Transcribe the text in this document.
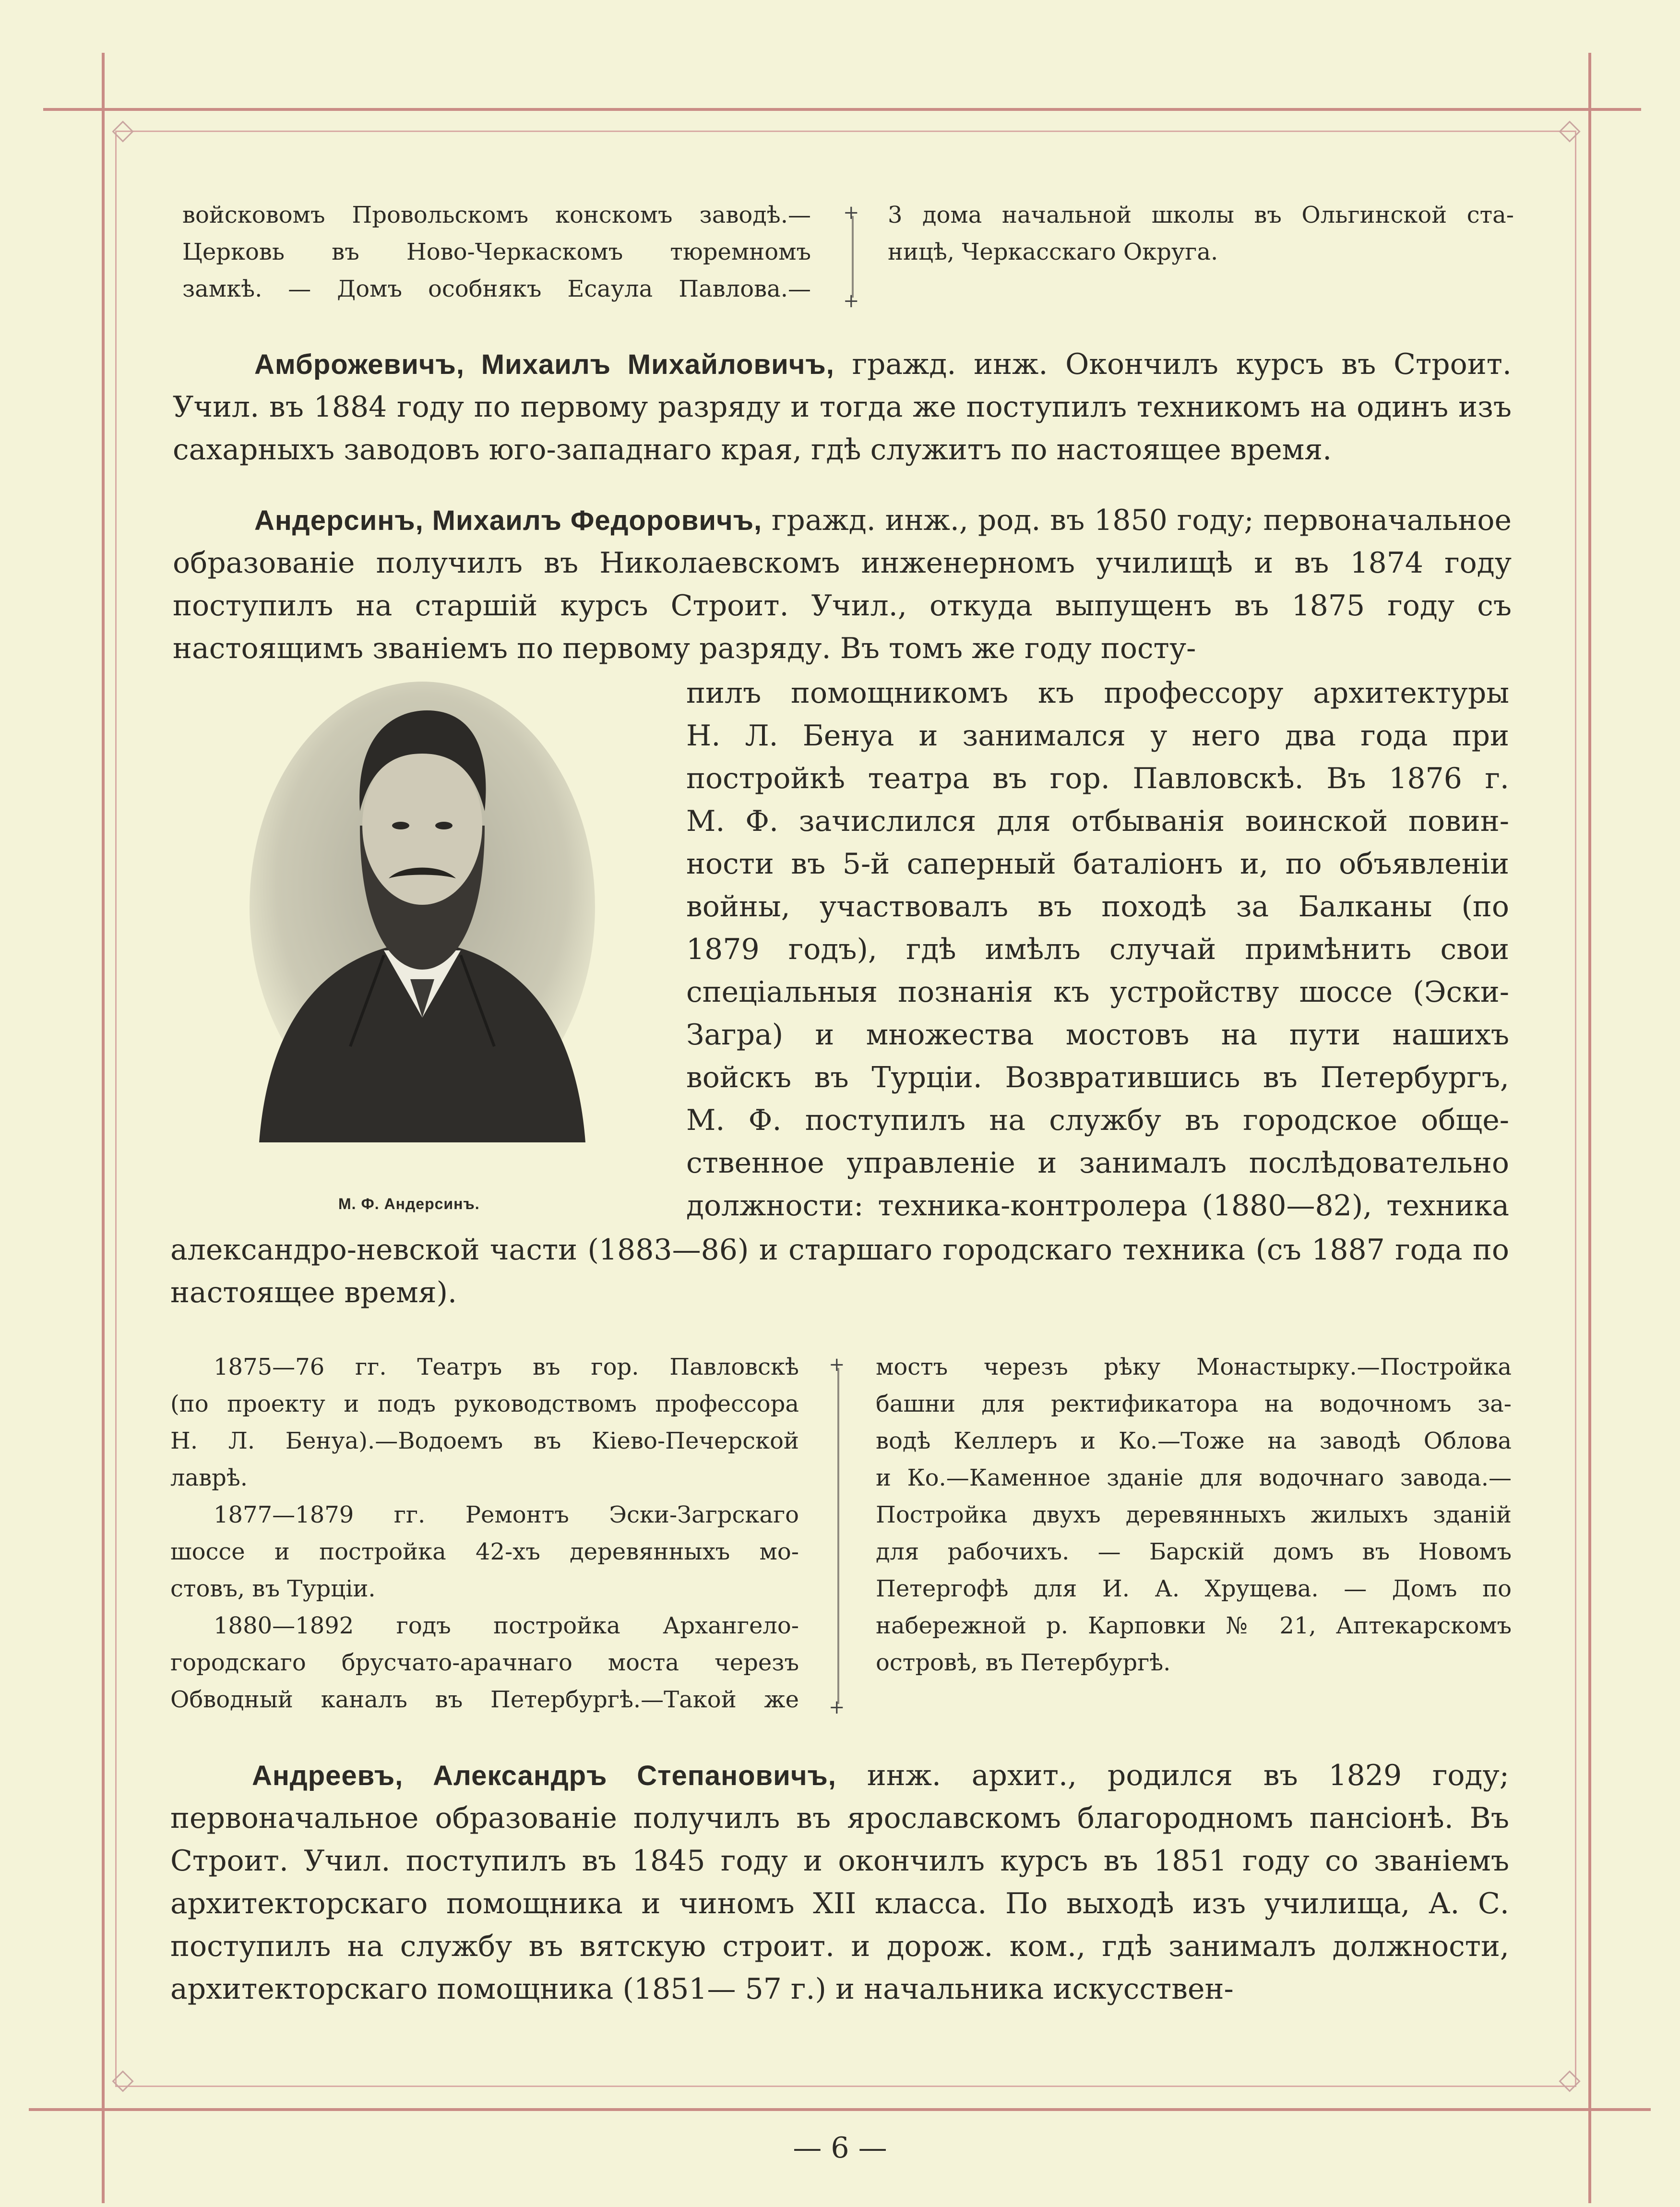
войсковомъ Провольскомъ конскомъ заводѣ.—
Церковь въ Ново-Черкаскомъ тюремномъ
замкѣ. — Домъ особнякъ Есаула Павлова.—
+ +
3 дома начальной школы въ Ольгинской ста-
ницѣ, Черкасскаго Округа.

Амброжевичъ, Михаилъ Михайловичъ, гражд. инж. Окончилъ курсъ въ Строит. Учил. въ 1884 году по первому разряду и тогда же поступилъ техникомъ на одинъ изъ сахарныхъ заводовъ юго-западнаго края, гдѣ служитъ по настоящее время.

Андерсинъ, Михаилъ Федоровичъ, гражд. инж., род. въ 1850 году; первоначальное образованіе получилъ въ Николаевскомъ инженерномъ училищѣ и въ 1874 году поступилъ на старшій курсъ Строит. Учил., откуда выпущенъ въ 1875 году съ настоящимъ званіемъ по первому разряду. Въ томъ же году посту-

М. Ф. Андерсинъ.
пилъ помощникомъ къ профессору архитектуры
Н. Л. Бенуа и занимался у него два года при
постройкѣ театра въ гор. Павловскѣ. Въ 1876 г.
М. Ф. зачислился для отбыванія воинской повин-
ности въ 5-й саперный баталіонъ и, по объявленіи
войны, участвовалъ въ походѣ за Балканы (по
1879 годъ), гдѣ имѣлъ случай примѣнить свои
спеціальныя познанія къ устройству шоссе (Эски-
Загра) и множества мостовъ на пути нашихъ
войскъ въ Турціи. Возвратившись въ Петербургъ,
М. Ф. поступилъ на службу въ городское обще-
ственное управленіе и занималъ послѣдовательно
должности: техника-контролера (1880—82), техника

александро-невской части (1883—86) и старшаго городскаго техника (съ 1887 года по настоящее время).

1875—76 гг. Театръ въ гор. Павловскѣ
(по проекту и подъ руководствомъ профессора
Н. Л. Бенуа).—Водоемъ въ Кіево-Печерской
лаврѣ.
1877—1879 гг. Ремонтъ Эски-Загрскаго
шоссе и постройка 42-хъ деревянныхъ мо-
стовъ, въ Турціи.
1880—1892 годъ постройка Архангело-
городскаго брусчато-арачнаго моста черезъ
Обводный каналъ въ Петербургѣ.—Такой же
+ +
мостъ черезъ рѣку Монастырку.—Постройка
башни для ректификатора на водочномъ за-
водѣ Келлеръ и Ко.—Тоже на заводѣ Облова
и Ко.—Каменное зданіе для водочнаго завода.—
Постройка двухъ деревянныхъ жилыхъ зданій
для рабочихъ. — Барскій домъ въ Новомъ
Петергофѣ для И. А. Хрущева. — Домъ по
набережной р. Карповки № 21, Аптекарскомъ
островѣ, въ Петербургѣ.

Андреевъ, Александръ Степановичъ, инж. архит., родился въ 1829 году; первоначальное образованіе получилъ въ ярославскомъ благородномъ пансіонѣ. Въ Строит. Учил. поступилъ въ 1845 году и окончилъ курсъ въ 1851 году со званіемъ архитекторскаго помощника и чиномъ XII класса. По выходѣ изъ училища, А. С. поступилъ на службу въ вятскую строит. и дорож. ком., гдѣ занималъ должности, архитекторскаго помощника (1851— 57 г.) и начальника искусствен-

— 6 —
